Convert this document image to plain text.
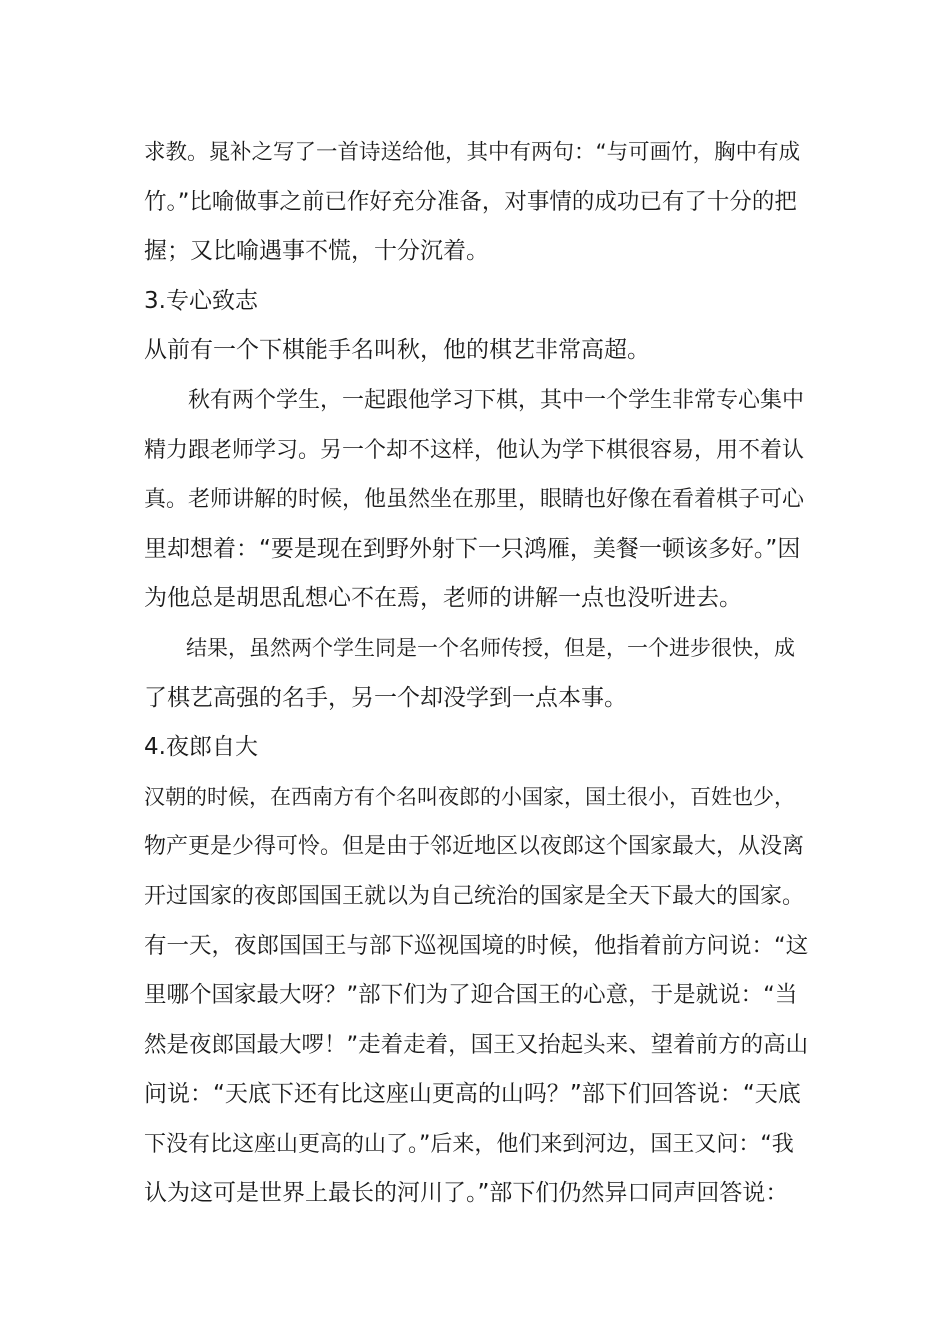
求教。晁补之写了一首诗送给他，其中有两句：“与可画竹，胸中有成
竹。”比喻做事之前已作好充分准备，对事情的成功已有了十分的把
握；又比喻遇事不慌，十分沉着。
3.专心致志
从前有一个下棋能手名叫秋，他的棋艺非常高超。
　　秋有两个学生，一起跟他学习下棋，其中一个学生非常专心集中
精力跟老师学习。另一个却不这样，他认为学下棋很容易，用不着认
真。老师讲解的时候，他虽然坐在那里，眼睛也好像在看着棋子可心
里却想着：“要是现在到野外射下一只鸿雁，美餐一顿该多好。”因
为他总是胡思乱想心不在焉，老师的讲解一点也没听进去。
　　结果，虽然两个学生同是一个名师传授，但是，一个进步很快，成
了棋艺高强的名手，另一个却没学到一点本事。
4.夜郎自大
汉朝的时候，在西南方有个名叫夜郎的小国家，国土很小，百姓也少，
物产更是少得可怜。但是由于邻近地区以夜郎这个国家最大，从没离
开过国家的夜郎国国王就以为自己统治的国家是全天下最大的国家。
有一天，夜郎国国王与部下巡视国境的时候，他指着前方问说：“这
里哪个国家最大呀？”部下们为了迎合国王的心意，于是就说：“当
然是夜郎国最大啰！”走着走着，国王又抬起头来、望着前方的高山
问说：“天底下还有比这座山更高的山吗？”部下们回答说：“天底
下没有比这座山更高的山了。”后来，他们来到河边，国王又问：“我
认为这可是世界上最长的河川了。”部下们仍然异口同声回答说：
